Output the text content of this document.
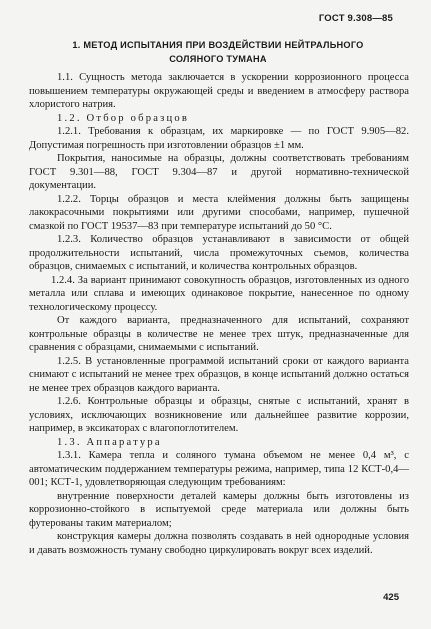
ГОСТ 9.308—85
1. МЕТОД ИСПЫТАНИЯ ПРИ ВОЗДЕЙСТВИИ НЕЙТРАЛЬНОГО
СОЛЯНОГО ТУМАНА

1.1. Сущность метода заключается в ускорении коррозионного процесса повышением температуры окружающей среды и введением в атмосферу раствора хлористого натрия.

1.2. Отбор образцов

1.2.1. Требования к образцам, их маркировке — по ГОСТ 9.905—82. Допустимая погрешность при изготовлении образцов ±1 мм.

Покрытия, наносимые на образцы, должны соответствовать требованиям ГОСТ 9.301—88, ГОСТ 9.304—87 и другой нормативно-технической документации.

1.2.2. Торцы образцов и места клеймения должны быть защищены лакокрасочными покрытиями или другими способами, например, пушечной смазкой по ГОСТ 19537—83 при температуре испытаний до 50 °С.

1.2.3. Количество образцов устанавливают в зависимости от общей продолжительности испытаний, числа промежуточных съемов, количества образцов, снимаемых с испытаний, и количества контрольных образцов.

1.2.4. За вариант принимают совокупность образцов, изготовленных из одного металла или сплава и имеющих одинаковое покрытие, нанесенное по одному технологическому процессу.

От каждого варианта, предназначенного для испытаний, сохраняют контрольные образцы в количестве не менее трех штук, предназначенные для сравнения с образцами, снимаемыми с испытаний.

1.2.5. В установленные программой испытаний сроки от каждого варианта снимают с испытаний не менее трех образцов, в конце испытаний должно остаться не менее трех образцов каждого варианта.

1.2.6. Контрольные образцы и образцы, снятые с испытаний, хранят в условиях, исключающих возникновение или дальнейшее развитие коррозии, например, в эксикаторах с влагопоглотителем.

1.3. Аппаратура

1.3.1. Камера тепла и соляного тумана объемом не менее 0,4 м³, с автоматическим поддержанием температуры режима, например, типа 12 КСТ-0,4—001; КСТ-1, удовлетворяющая следующим требованиям:

внутренние поверхности деталей камеры должны быть изготовлены из коррозионно-стойкого в испытуемой среде материала или должны быть футерованы таким материалом;

конструкция камеры должна позволять создавать в ней однородные условия и давать возможность туману свободно циркулировать вокруг всех изделий.

425
